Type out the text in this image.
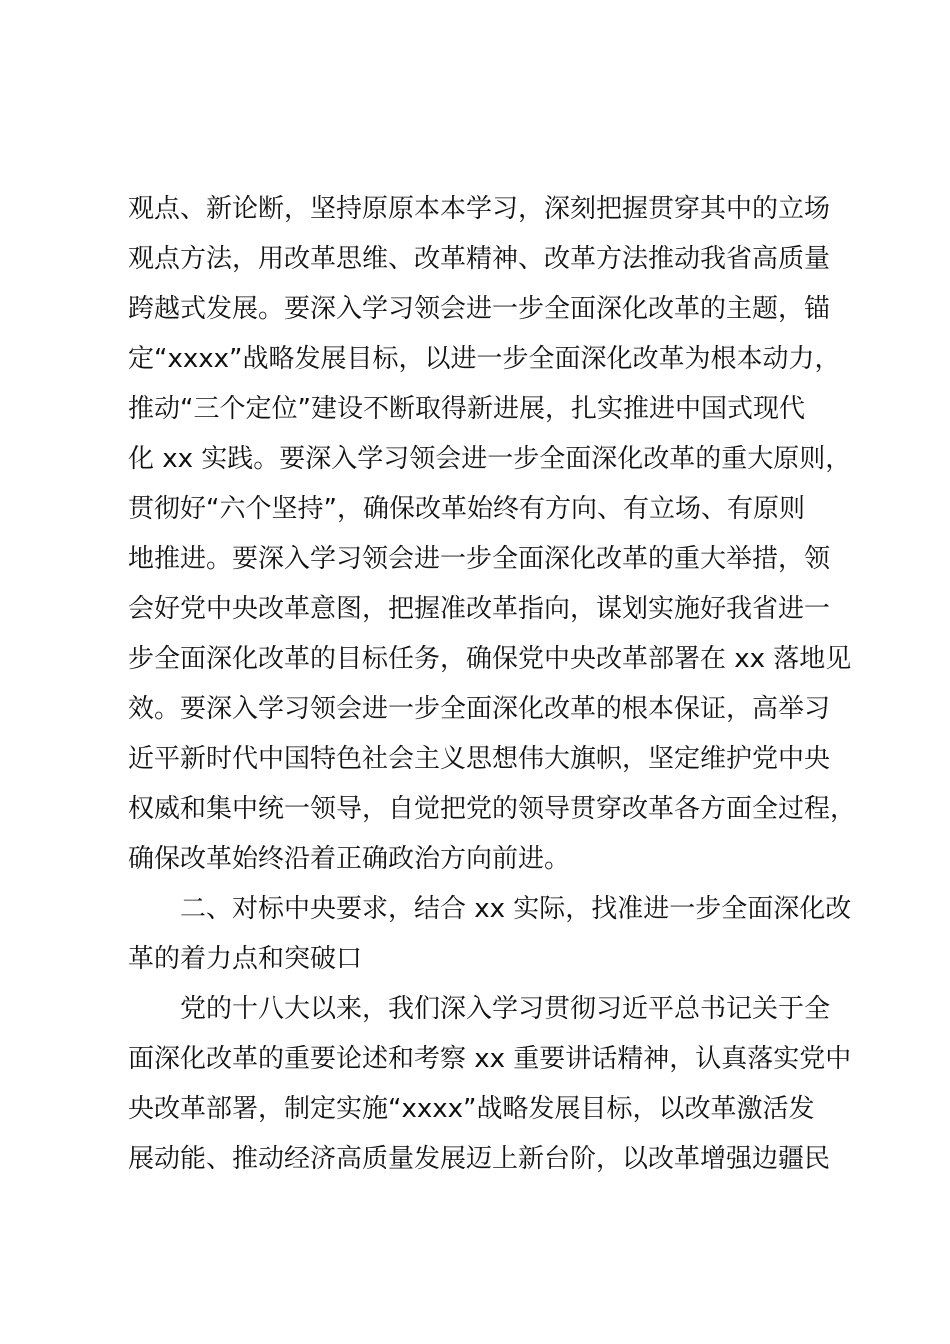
观点、新论断，坚持原原本本学习，深刻把握贯穿其中的立场
观点方法，用改革思维、改革精神、改革方法推动我省高质量
跨越式发展。要深入学习领会进一步全面深化改革的主题，锚
定“xxxx”战略发展目标，以进一步全面深化改革为根本动力，
推动“三个定位”建设不断取得新进展，扎实推进中国式现代
化 xx 实践。要深入学习领会进一步全面深化改革的重大原则，
贯彻好“六个坚持”，确保改革始终有方向、有立场、有原则
地推进。要深入学习领会进一步全面深化改革的重大举措，领
会好党中央改革意图，把握准改革指向，谋划实施好我省进一
步全面深化改革的目标任务，确保党中央改革部署在 xx 落地见
效。要深入学习领会进一步全面深化改革的根本保证，高举习
近平新时代中国特色社会主义思想伟大旗帜，坚定维护党中央
权威和集中统一领导，自觉把党的领导贯穿改革各方面全过程，
确保改革始终沿着正确政治方向前进。
　　二、对标中央要求，结合 xx 实际，找准进一步全面深化改
革的着力点和突破口
　　党的十八大以来，我们深入学习贯彻习近平总书记关于全
面深化改革的重要论述和考察 xx 重要讲话精神，认真落实党中
央改革部署，制定实施“xxxx”战略发展目标，以改革激活发
展动能、推动经济高质量发展迈上新台阶，以改革增强边疆民
